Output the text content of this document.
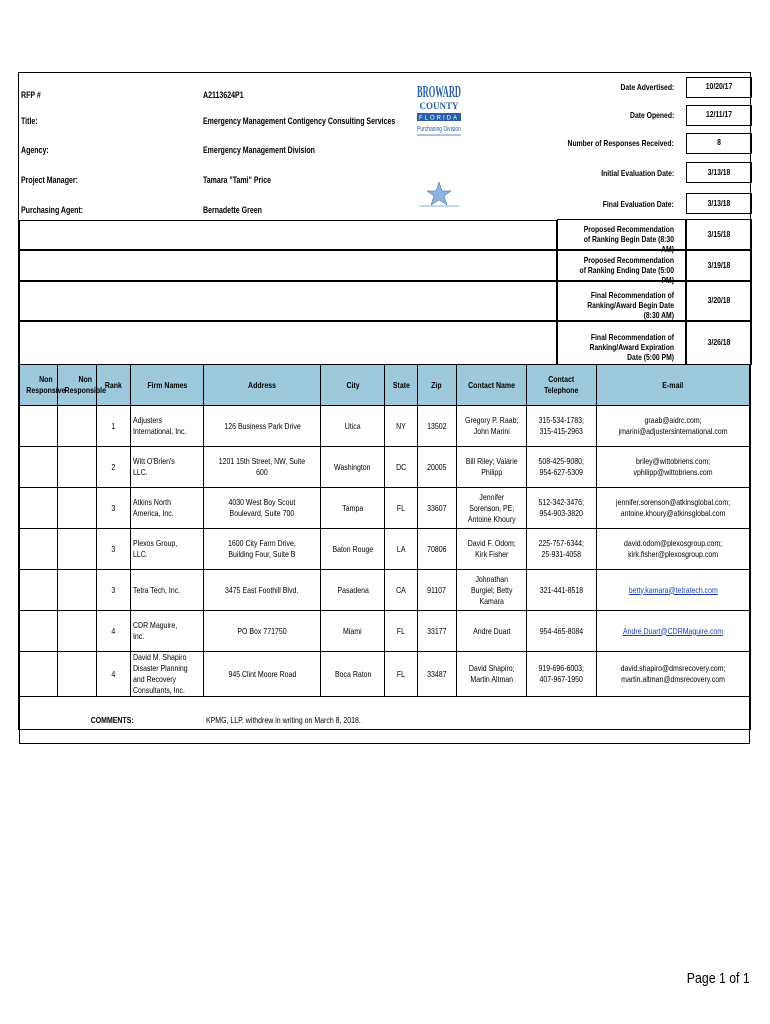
RFP #	A2113624P1
Title:	Emergency Management Contigency Consulting Services
Agency:	Emergency Management Division
Project Manager:	Tamara "Tami" Price
Purchasing Agent:	Bernadette Green
BROWARD
COUNTY
FLORIDA
Purchasing Division
Date Advertised:	10/20/17
Date Opened:	12/11/17
Number of Responses Received:	8
Initial Evaluation Date:	3/13/18
Final Evaluation Date:	3/13/18
Proposed Recommendation of Ranking Begin Date (8:30 AM)
3/15/18
Proposed Recommendation of Ranking Ending Date (5:00 PM)
3/19/18
Final Recommendation of Ranking/Award Begin Date (8:30 AM)
3/20/18
Final Recommendation of Ranking/Award Expiration Date (5:00 PM)
3/26/18
Non Responsive	Non Responsible	Rank	Firm Names	Address	City	State	Zip	Contact Name	Contact Telephone	E-mail
		1	Adjusters International, Inc.	126 Business Park Drive	Utica	NY	13502	Gregory P. Raab; John Marini	315-534-1783; 315-415-2963	graab@aidrc.com; jmarini@adjustersinternational.com
		2	Witt O'Brien's LLC.	1201 15th Street, NW, Suite 600	Washington	DC	20005	Bill Riley; Valarie Philipp	508-425-9080; 954-627-5309	briley@wittobriens.com; vphilipp@wittobriens.com
		3	Atkins North America, Inc.	4030 West Boy Scout Boulevard, Suite 700	Tampa	FL	33607	Jennifer Sorenson, PE; Antoine Khoury	512-342-3476; 954-903-3820	jennifer.sorenson@atkinsglobal.com; antoine.khoury@atkinsglobal.com
		3	Plexos Group, LLC.	1600 City Farm Drive, Building Four, Suite B	Baton Rouge	LA	70806	David F. Odom; Kirk Fisher	225-757-6344; 25-931-4058	david.odom@plexosgroup.com; kirk.fisher@plexosgroup.com
		3	Tetra Tech, Inc.	3475 East Foothill Blvd.	Pasadena	CA	91107	Johnathan Burgiel; Betty Kamara	321-441-8518	betty.kamara@tetratech.com
		4	CDR Maguire, Inc.	PO Box 771750	Miami	FL	33177	Andre Duart	954-465-8084	Andre.Duart@CDRMaguire.com
		4	David M. Shapiro Disaster Planning and Recovery Consultants, Inc.	945 Clint Moore Road	Boca Raton	FL	33487	David Shapiro; Martin Altman	919-696-6003; 407-967-1950	david.shapiro@dmsrecovery.com; martin.altman@dmsrecovery.com
COMMENTS:				KPMG, LLP. withdrew in writing on March 8, 2018.						
Page 1 of 1
